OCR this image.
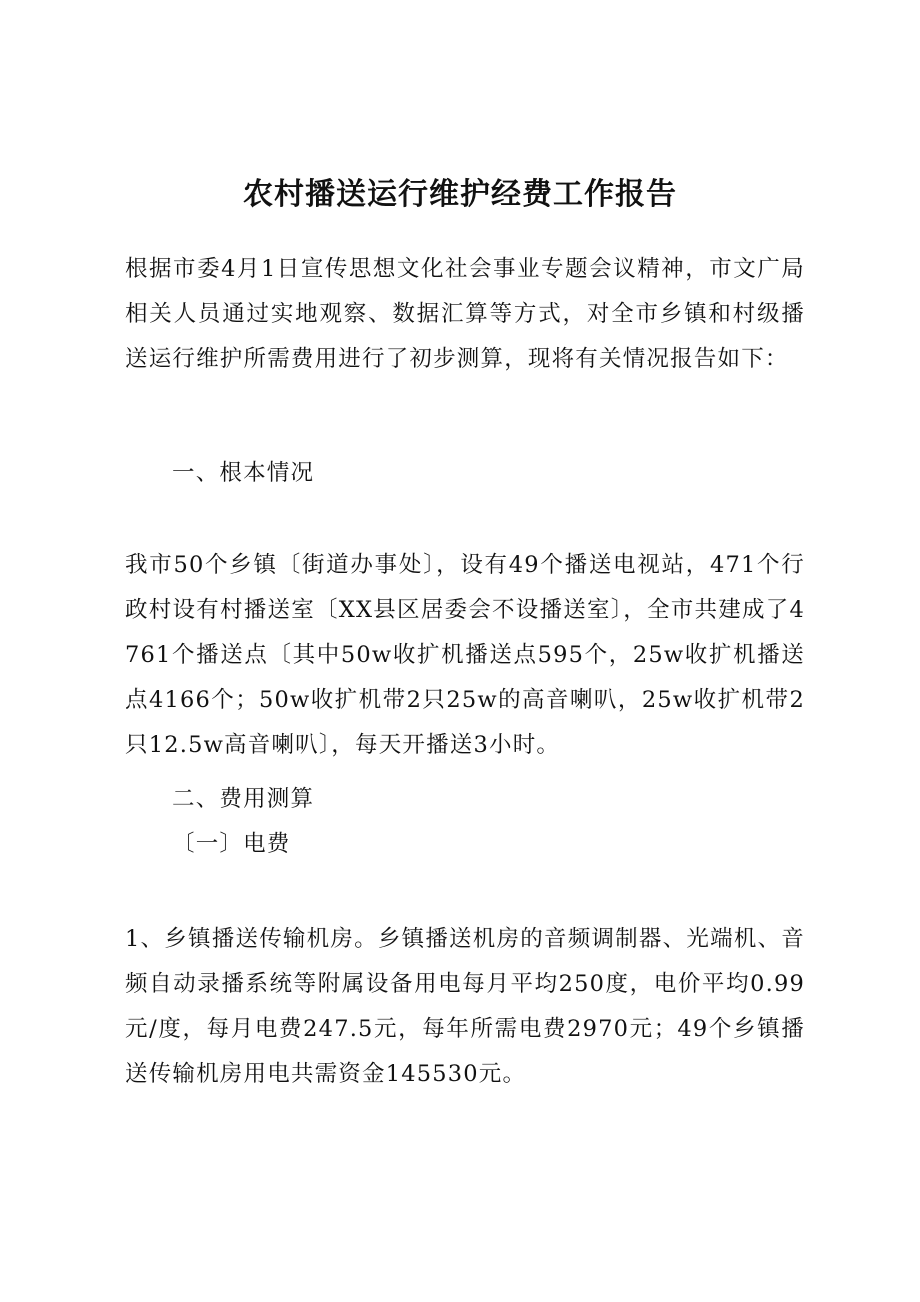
农村播送运行维护经费工作报告

根据市委4月1日宣传思想文化社会事业专题会议精神，市文广局相关人员通过实地观察、数据汇算等方式，对全市乡镇和村级播送运行维护所需费用进行了初步测算，现将有关情况报告如下：

一、根本情况

我市50个乡镇〔街道办事处〕，设有49个播送电视站，471个行政村设有村播送室〔XX县区居委会不设播送室〕，全市共建成了4761个播送点〔其中50w收扩机播送点595个，25w收扩机播送点4166个；50w收扩机带2只25w的高音喇叭，25w收扩机带2只12.5w高音喇叭〕，每天开播送3小时。

二、费用测算

〔一〕电费

1、乡镇播送传输机房。乡镇播送机房的音频调制器、光端机、音频自动录播系统等附属设备用电每月平均250度，电价平均0.99元/度，每月电费247.5元，每年所需电费2970元；49个乡镇播送传输机房用电共需资金145530元。
